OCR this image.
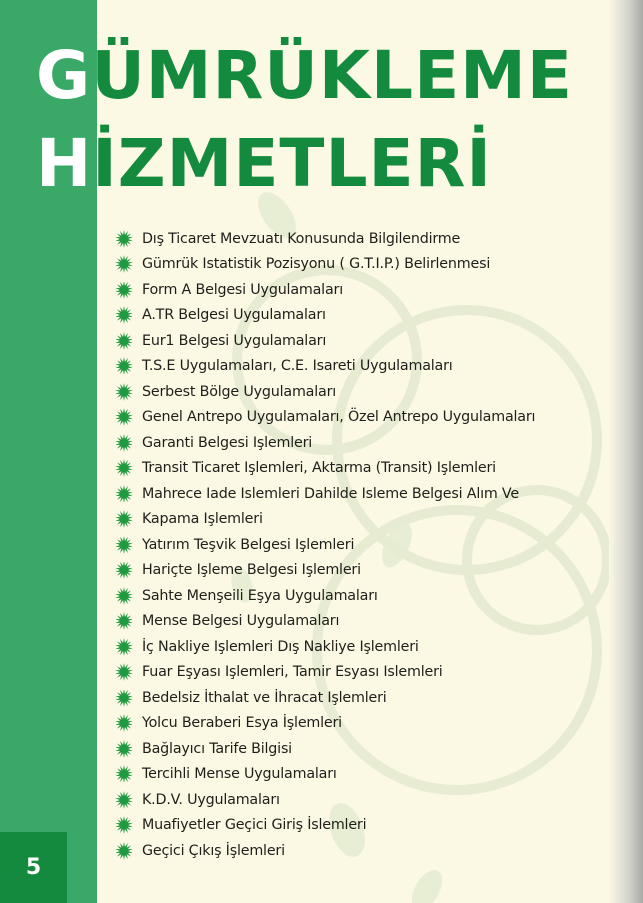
GÜMRÜKLEME
HİZMETLERİ
Dış Ticaret Mevzuatı Konusunda Bilgilendirme
Gümrük Istatistik Pozisyonu ( G.T.I.P.) Belirlenmesi
Form A Belgesi Uygulamaları
A.TR Belgesi Uygulamaları
Eur1 Belgesi Uygulamaları
T.S.E Uygulamaları, C.E. Isareti Uygulamaları
Serbest Bölge Uygulamaları
Genel Antrepo Uygulamaları, Özel Antrepo Uygulamaları
Garanti Belgesi Işlemleri
Transit Ticaret Işlemleri, Aktarma (Transit) Işlemleri
Mahrece Iade Islemleri Dahilde Isleme Belgesi Alım Ve
Kapama Işlemleri
Yatırım Teşvik Belgesi Işlemleri
Hariçte Işleme Belgesi Işlemleri
Sahte Menşeili Eşya Uygulamaları
Mense Belgesi Uygulamaları
İç Nakliye Işlemleri Dış Nakliye Işlemleri
Fuar Eşyası Işlemleri, Tamir Esyası Islemleri
Bedelsiz İthalat ve İhracat Işlemleri
Yolcu Beraberi Esya İşlemleri
Bağlayıcı Tarife Bilgisi
Tercihli Mense Uygulamaları
K.D.V. Uygulamaları
Muafiyetler Geçici Giriş İslemleri
Geçici Çıkış İşlemleri
5
